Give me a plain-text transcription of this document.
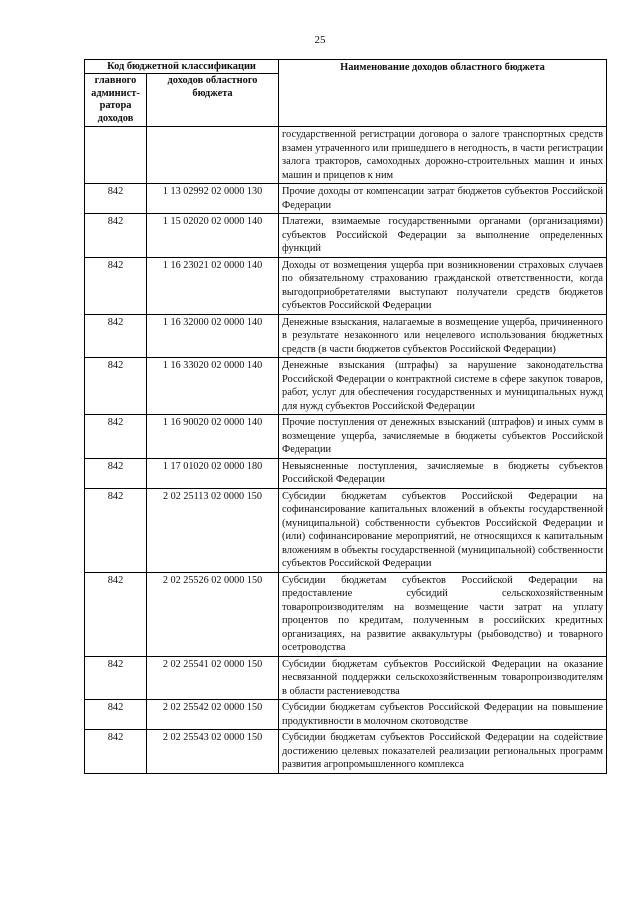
25
Код бюджетной классификации		Наименование доходов областного бюджета
главного админист-ратора доходов	доходов областного бюджета	
		государственной регистрации договора о залоге транспортных средств взамен утраченного или пришедшего в негодность, в части регистрации залога тракторов, самоходных дорожно-строительных машин и иных машин и прицепов к ним
842	1 13 02992 02 0000 130	Прочие доходы от компенсации затрат бюджетов субъектов Российской Федерации
842	1 15 02020 02 0000 140	Платежи, взимаемые государственными органами (организациями) субъектов Российской Федерации за выполнение определенных функций
842	1 16 23021 02 0000 140	Доходы от возмещения ущерба при возникновении страховых случаев по обязательному страхованию гражданской ответственности, когда выгодоприобретателями выступают получатели средств бюджетов субъектов Российской Федерации
842	1 16 32000 02 0000 140	Денежные взыскания, налагаемые в возмещение ущерба, причиненного в результате незаконного или нецелевого использования бюджетных средств (в части бюджетов субъектов Российской Федерации)
842	1 16 33020 02 0000 140	Денежные взыскания (штрафы) за нарушение законодательства Российской Федерации о контрактной системе в сфере закупок товаров, работ, услуг для обеспечения государственных и муниципальных нужд для нужд субъектов Российской Федерации
842	1 16 90020 02 0000 140	Прочие поступления от денежных взысканий (штрафов) и иных сумм в возмещение ущерба, зачисляемые в бюджеты субъектов Российской Федерации
842	1 17 01020 02 0000 180	Невыясненные поступления, зачисляемые в бюджеты субъектов Российской Федерации
842	2 02 25113 02 0000 150	Субсидии бюджетам субъектов Российской Федерации на софинансирование капитальных вложений в объекты государственной (муниципальной) собственности субъектов Российской Федерации и (или) софинансирование мероприятий, не относящихся к капитальным вложениям в объекты государственной (муниципальной) собственности субъектов Российской Федерации
842	2 02 25526 02 0000 150	Субсидии бюджетам субъектов Российской Федерации на предоставление субсидий сельскохозяйственным товаропроизводителям на возмещение части затрат на уплату процентов по кредитам, полученным в российских кредитных организациях, на развитие аквакультуры (рыбоводство) и товарного осетроводства
842	2 02 25541 02 0000 150	Субсидии бюджетам субъектов Российской Федерации на оказание несвязанной поддержки сельскохозяйственным товаропроизводителям в области растениеводства
842	2 02 25542 02 0000 150	Субсидии бюджетам субъектов Российской Федерации на повышение продуктивности в молочном скотоводстве
842	2 02 25543 02 0000 150	Субсидии бюджетам субъектов Российской Федерации на содействие достижению целевых показателей реализации региональных программ развития агропромышленного комплекса
